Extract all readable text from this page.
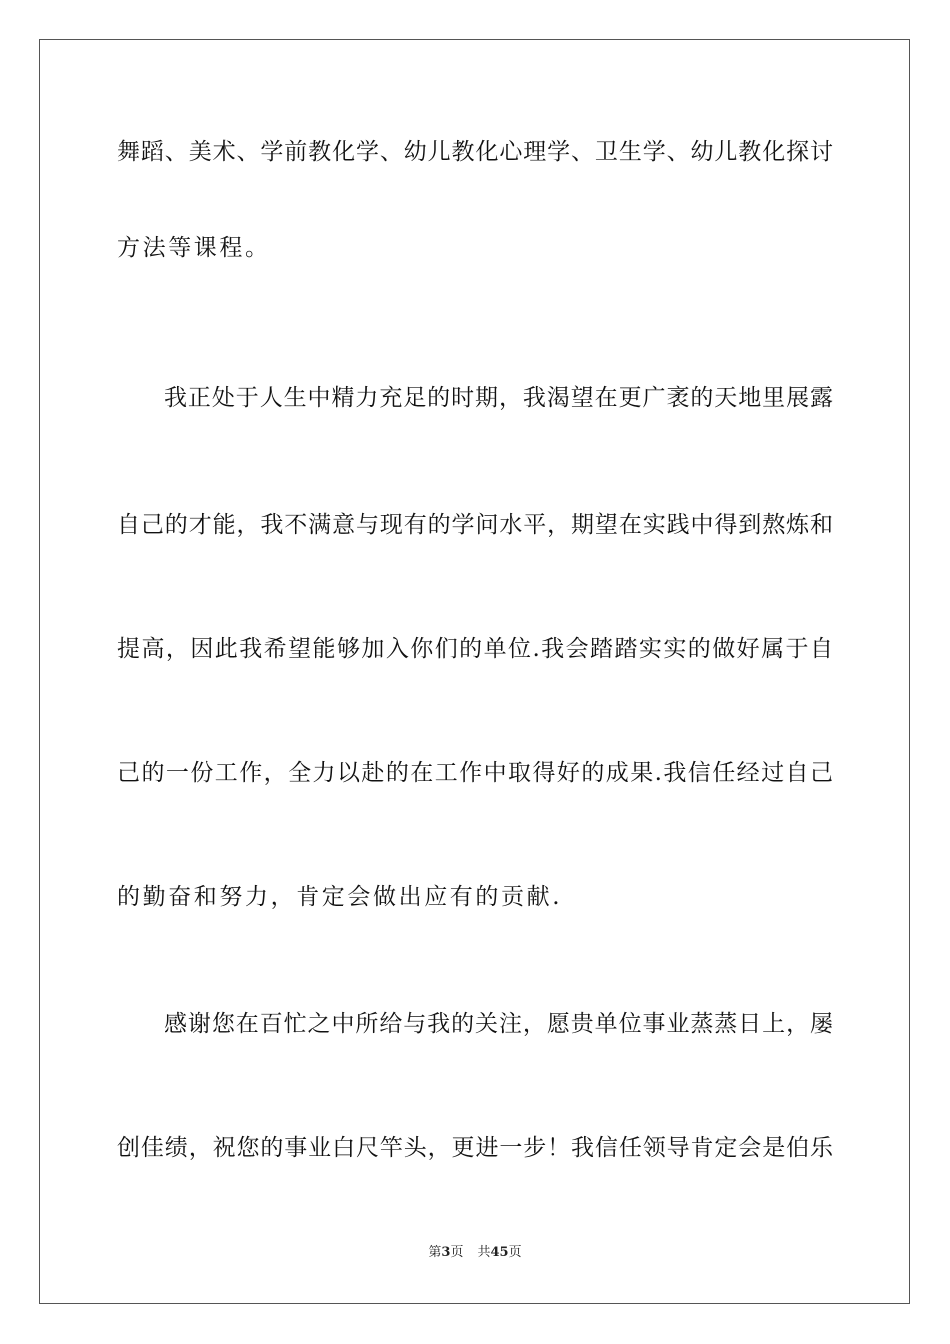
舞蹈、美术、学前教化学、幼儿教化心理学、卫生学、幼儿教化探讨
方法等课程。
我正处于人生中精力充足的时期，我渴望在更广袤的天地里展露
自己的才能，我不满意与现有的学问水平，期望在实践中得到熬炼和
提高，因此我希望能够加入你们的单位.我会踏踏实实的做好属于自
己的一份工作，全力以赴的在工作中取得好的成果.我信任经过自己
的勤奋和努力，肯定会做出应有的贡献.
感谢您在百忙之中所给与我的关注，愿贵单位事业蒸蒸日上，屡
创佳绩，祝您的事业白尺竿头，更进一步！我信任领导肯定会是伯乐
第3页 共45页
